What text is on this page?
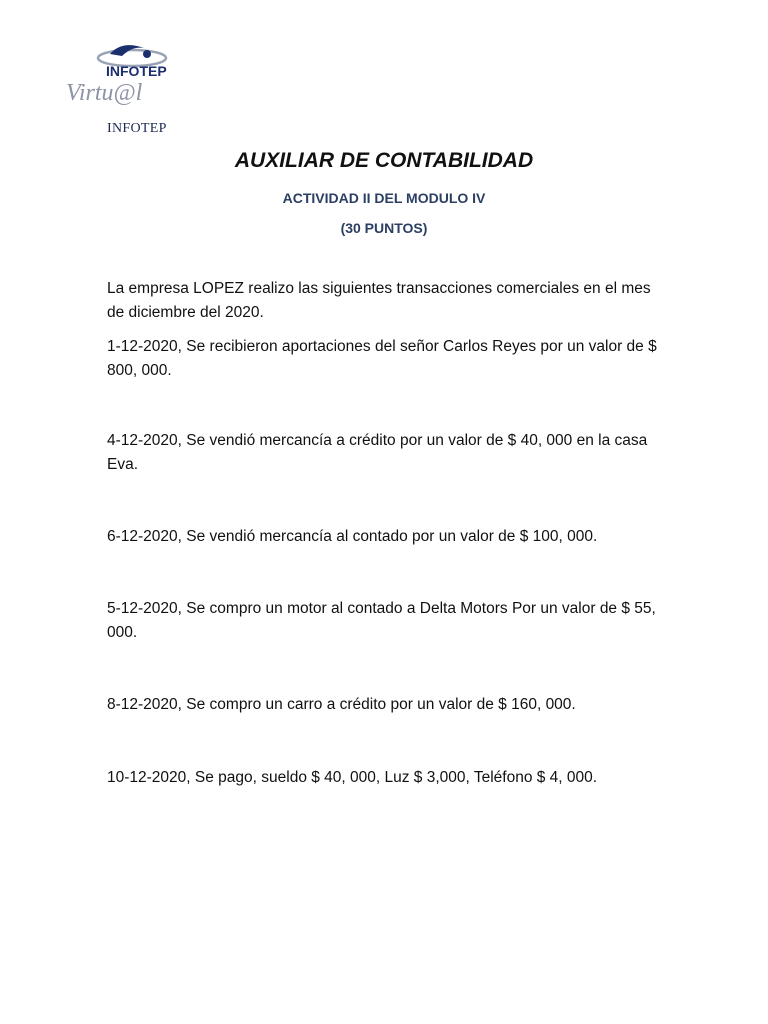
INFOTEP
Virtu@l
INFOTEP
AUXILIAR DE CONTABILIDAD
ACTIVIDAD II DEL MODULO IV
(30 PUNTOS)
La empresa LOPEZ realizo las siguientes transacciones comerciales en el mes de diciembre del 2020.
1-12-2020, Se recibieron aportaciones del señor Carlos Reyes por un valor de $ 800, 000.
4-12-2020, Se vendió mercancía a crédito por un valor de $ 40, 000 en la casa Eva.
6-12-2020, Se vendió mercancía al contado por un valor de $ 100, 000.
5-12-2020, Se compro un motor al contado a Delta Motors Por un valor de $ 55, 000.
8-12-2020, Se compro un carro a crédito por un valor de $ 160, 000.
10-12-2020, Se pago, sueldo $ 40, 000, Luz $ 3,000, Teléfono $ 4, 000.
